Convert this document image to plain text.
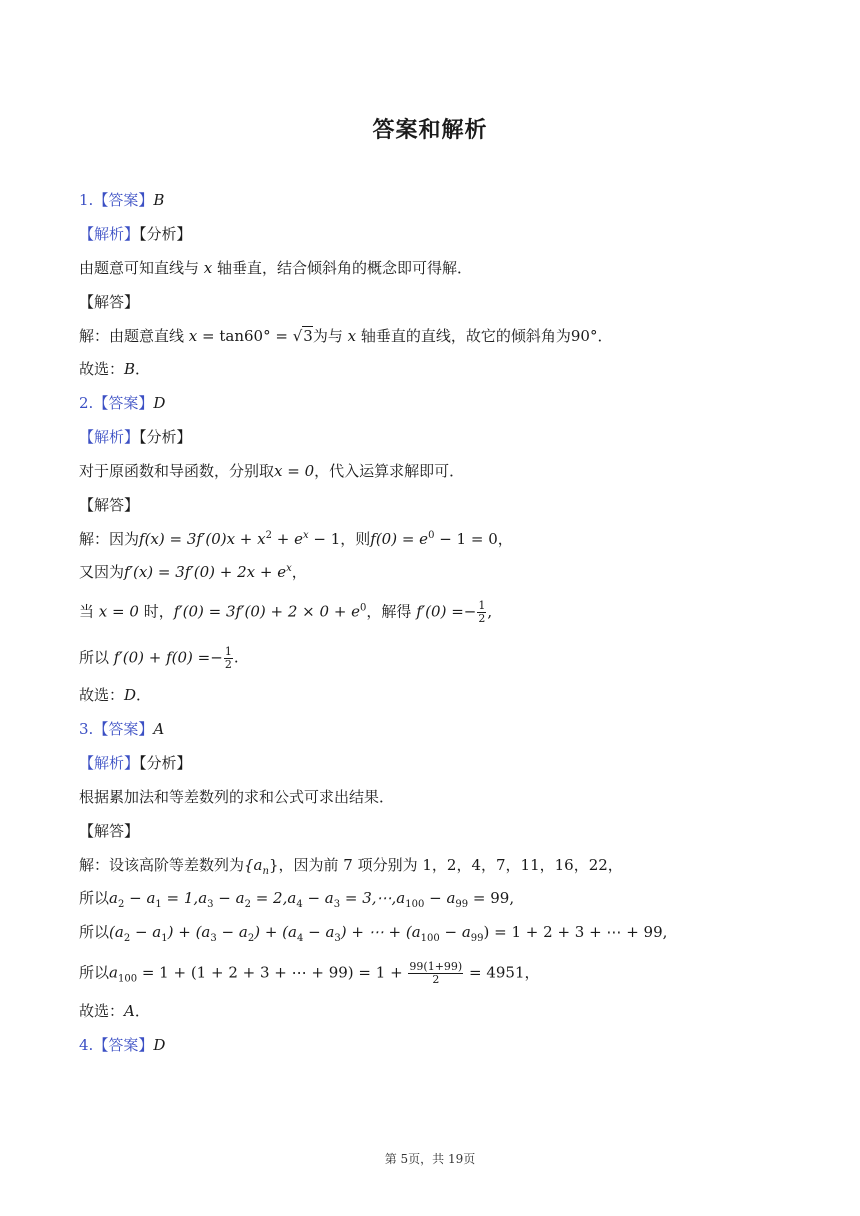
答案和解析
1.【答案】B
【解析】【分析】
由题意可知直线与 x 轴垂直，结合倾斜角的概念即可得解．
【解答】
解：由题意直线 x = tan60° = √3为与 x 轴垂直的直线，故它的倾斜角为90°．
故选：B．
2.【答案】D
【解析】【分析】
对于原函数和导函数，分别取x = 0，代入运算求解即可．
【解答】
解：因为$f(x) = 3f'(0)x + x^2 + e^x - 1$，则$f(0) = e^0 - 1 = 0$，
又因为$f'(x) = 3f'(0) + 2x + e^x$，
当 x = 0 时，$f'(0) = 3f'(0) + 2 \times 0 + e^0$，解得 $f'(0) =- \frac{1}{2}$ ,
所以 $f'(0) + f(0) =- \frac{1}{2}$ .
故选：D．
3.【答案】A
【解析】【分析】
根据累加法和等差数列的求和公式可求出结果．
【解答】
解：设该高阶等差数列为$\{a_n\}$，因为前 7 项分别为 1，2，4，7，11，16，22，
所以$a_2 - a_1 = 1,a_3 - a_2 = 2,a_4 - a_3$ = $3,\cdots,a_{100} - a_{99} = 99$,
所以$(a_2 - a_1) + (a_3 - a_2) + (a_4 - a_3)$ + ⋯ + $(a_{100} - a_{99}) = 1 + 2 + 3$ + ⋯ + 99,
所以$a_{100} = 1 + (1 + 2 + 3$ + ⋯ + $99) = 1 + \frac{99(1+99)}{2} = 4951$，
故选：A．
4.【答案】D
第 5页，共 19页
